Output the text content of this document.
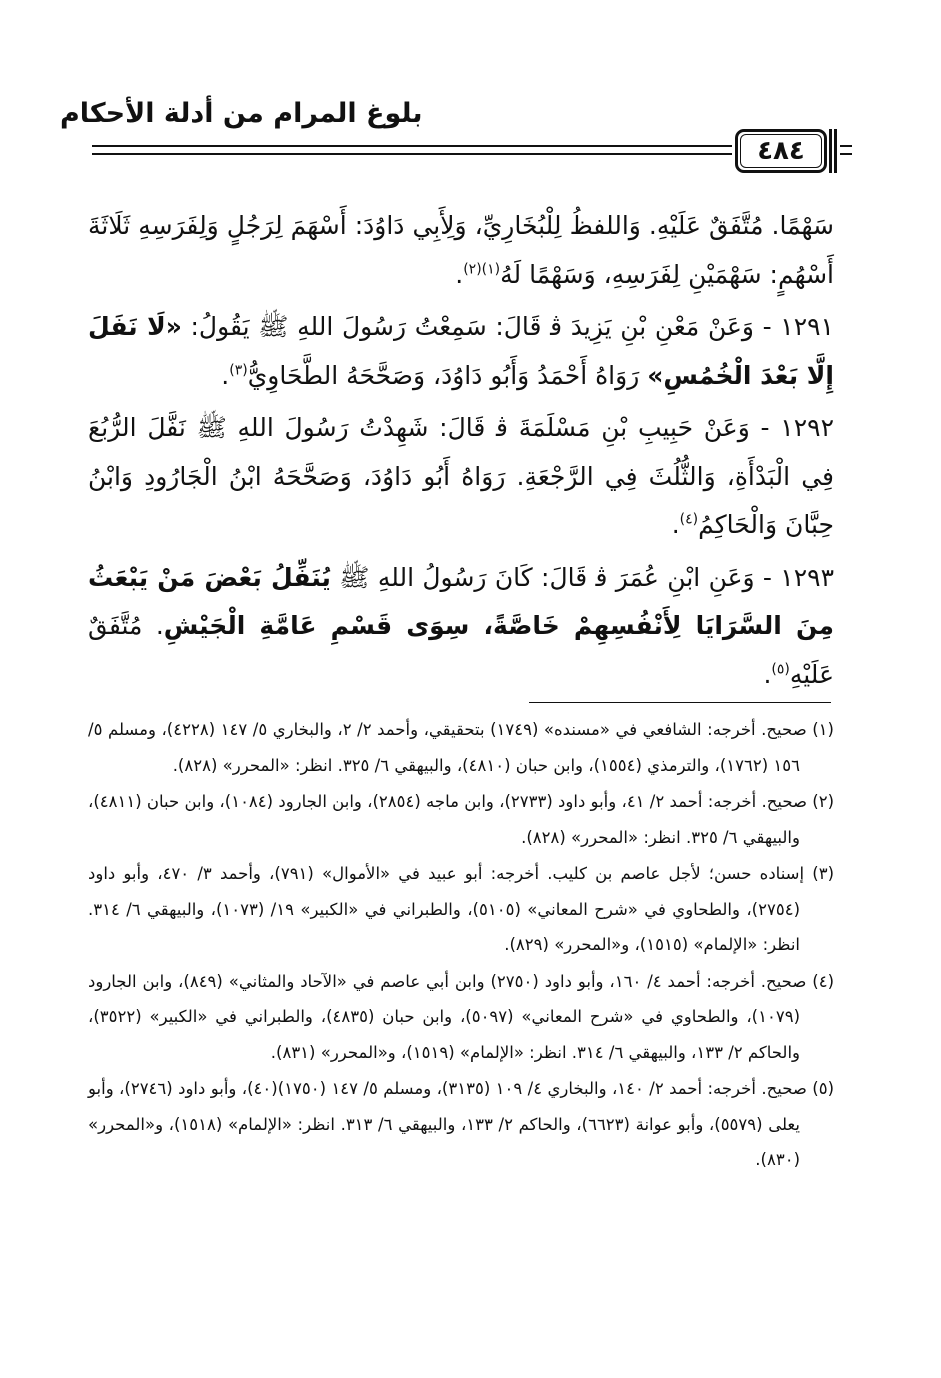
بلوغ المرام من أدلة الأحكام
٤٨٤

سَهْمًا. مُتَّفَقٌ عَلَيْهِ. وَاللفظُ لِلْبُخَارِيِّ، وَلِأَبِي دَاوُدَ: أَسْهَمَ لِرَجُلٍ وَلِفَرَسِهِ ثَلَاثَةَ أَسْهُمٍ: سَهْمَيْنِ لِفَرَسِهِ، وَسَهْمًا لَهُ$^{(١)(٢)}$.

١٢٩١ - وَعَنْ مَعْنِ بْنِ يَزِيدَ ﭬ قَالَ: سَمِعْتُ رَسُولَ اللهِ ﷺ يَقُولُ: «لَا نَفَلَ إِلَّا بَعْدَ الْخُمُسِ» رَوَاهُ أَحْمَدُ وَأَبُو دَاوُدَ، وَصَحَّحَهُ الطَّحَاوِيُّ$^{(٣)}$.

١٢٩٢ - وَعَنْ حَبِيبِ بْنِ مَسْلَمَةَ ﭬ قَالَ: شَهِدْتُ رَسُولَ اللهِ ﷺ نَفَّلَ الرُّبُعَ فِي الْبَدْأَةِ، وَالثُّلُثَ فِي الرَّجْعَةِ. رَوَاهُ أَبُو دَاوُدَ، وَصَحَّحَهُ ابْنُ الْجَارُودِ وَابْنُ حِبَّانَ وَالْحَاكِمُ$^{(٤)}$.

١٢٩٣ - وَعَنِ ابْنِ عُمَرَ ﭬ قَالَ: كَانَ رَسُولُ اللهِ ﷺ يُنَفِّلُ بَعْضَ مَنْ يَبْعَثُ مِنَ السَّرَايَا لِأَنْفُسِهِمْ خَاصَّةً، سِوَى قَسْمِ عَامَّةِ الْجَيْشِ. مُتَّفَقٌ عَلَيْهِ$^{(٥)}$.

(١) صحيح. أخرجه: الشافعي في «مسنده» (١٧٤٩) بتحقيقي، وأحمد ٢/ ٢، والبخاري ٥/ ١٤٧ (٤٢٢٨)، ومسلم ٥/ ١٥٦ (١٧٦٢)، والترمذي (١٥٥٤)، وابن حبان (٤٨١٠)، والبيهقي ٦/ ٣٢٥. انظر: «المحرر» (٨٢٨).

(٢) صحيح. أخرجه: أحمد ٢/ ٤١، وأبو داود (٢٧٣٣)، وابن ماجه (٢٨٥٤)، وابن الجارود (١٠٨٤)، وابن حبان (٤٨١١)، والبيهقي ٦/ ٣٢٥. انظر: «المحرر» (٨٢٨).

(٣) إسناده حسن؛ لأجل عاصم بن كليب. أخرجه: أبو عبيد في «الأموال» (٧٩١)، وأحمد ٣/ ٤٧٠، وأبو داود (٢٧٥٤)، والطحاوي في «شرح المعاني» (٥١٠٥)، والطبراني في «الكبير» ١٩/ (١٠٧٣)، والبيهقي ٦/ ٣١٤. انظر: «الإلمام» (١٥١٥)، و«المحرر» (٨٢٩).

(٤) صحيح. أخرجه: أحمد ٤/ ١٦٠، وأبو داود (٢٧٥٠) وابن أبي عاصم في «الآحاد والمثاني» (٨٤٩)، وابن الجارود (١٠٧٩)، والطحاوي في «شرح المعاني» (٥٠٩٧)، وابن حبان (٤٨٣٥)، والطبراني في «الكبير» (٣٥٢٢)، والحاكم ٢/ ١٣٣، والبيهقي ٦/ ٣١٤. انظر: «الإلمام» (١٥١٩)، و«المحرر» (٨٣١).

(٥) صحيح. أخرجه: أحمد ٢/ ١٤٠، والبخاري ٤/ ١٠٩ (٣١٣٥)، ومسلم ٥/ ١٤٧ (١٧٥٠)(٤٠)، وأبو داود (٢٧٤٦)، وأبو يعلى (٥٥٧٩)، وأبو عوانة (٦٦٢٣)، والحاكم ٢/ ١٣٣، والبيهقي ٦/ ٣١٣. انظر: «الإلمام» (١٥١٨)، و«المحرر» (٨٣٠).
